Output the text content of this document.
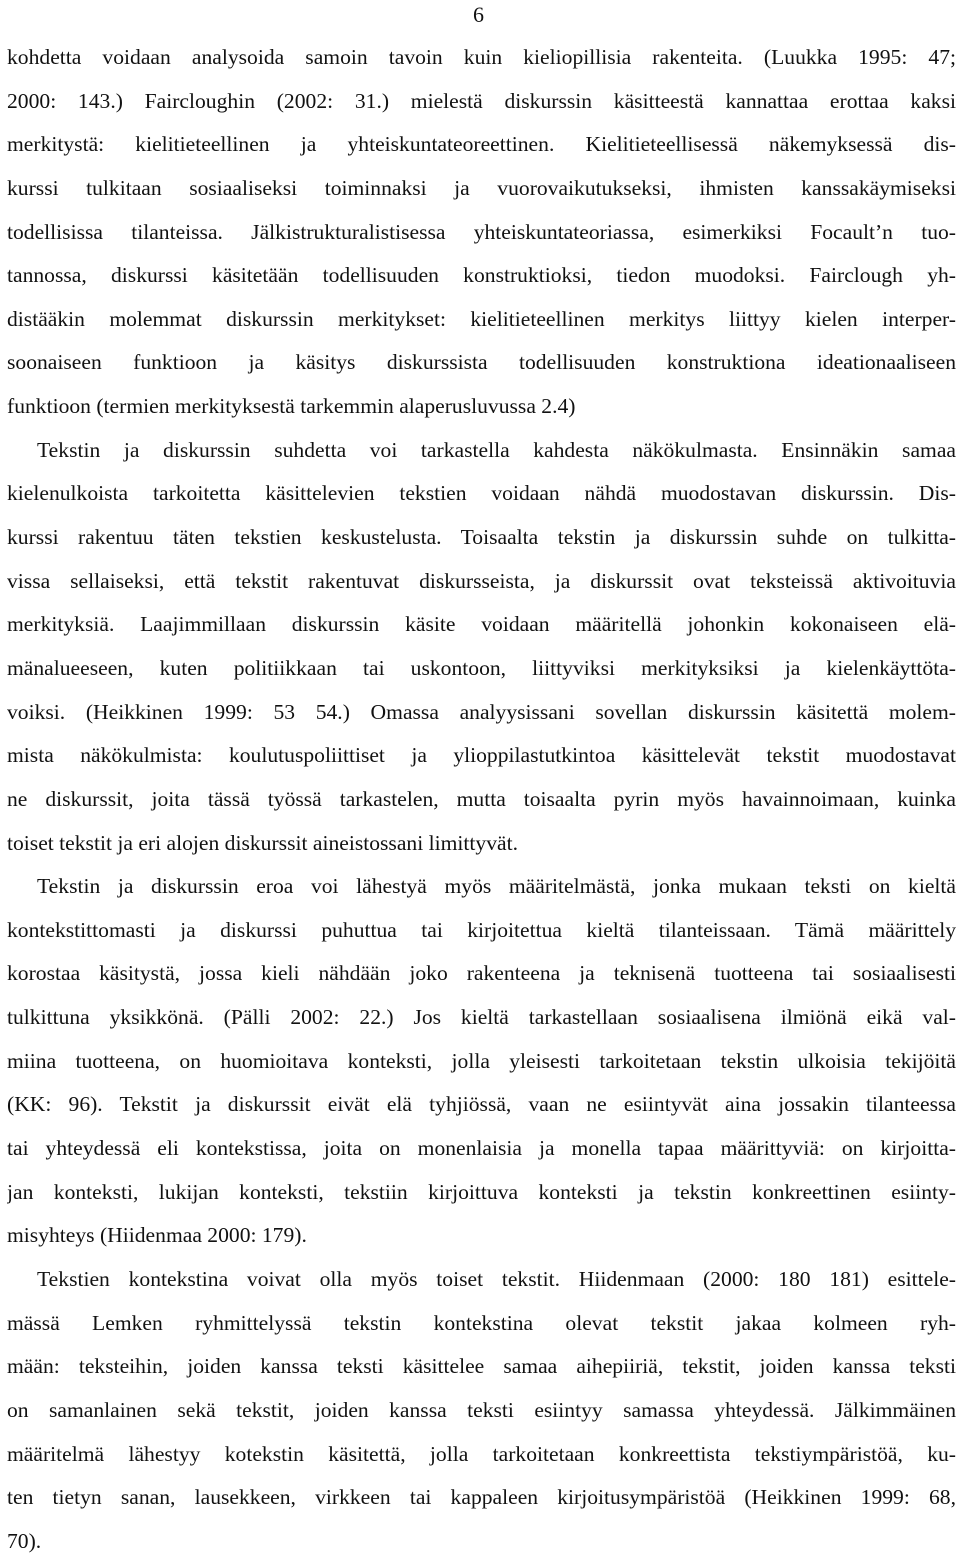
6
kohdetta voidaan analysoida samoin tavoin kuin kieliopillisia rakenteita. (Luukka 1995: 47;
2000: 143.) Faircloughin (2002: 31.) mielestä diskurssin käsitteestä kannattaa erottaa kaksi
merkitystä: kielitieteellinen ja yhteiskuntateoreettinen. Kielitieteellisessä näkemyksessä dis-
kurssi tulkitaan sosiaaliseksi toiminnaksi ja vuorovaikutukseksi, ihmisten kanssakäymiseksi
todellisissa tilanteissa. Jälkistrukturalistisessa yhteiskuntateoriassa, esimerkiksi Focault’n tuo-
tannossa, diskurssi käsitetään todellisuuden konstruktioksi, tiedon muodoksi. Fairclough yh-
distääkin molemmat diskurssin merkitykset: kielitieteellinen merkitys liittyy kielen interper-
soonaiseen funktioon ja käsitys diskurssista todellisuuden konstruktiona ideationaaliseen
funktioon (termien merkityksestä tarkemmin alaperusluvussa 2.4)
Tekstin ja diskurssin suhdetta voi tarkastella kahdesta näkökulmasta. Ensinnäkin samaa
kielenulkoista tarkoitetta käsittelevien tekstien voidaan nähdä muodostavan diskurssin. Dis-
kurssi rakentuu täten tekstien keskustelusta. Toisaalta tekstin ja diskurssin suhde on tulkitta-
vissa sellaiseksi, että tekstit rakentuvat diskursseista, ja diskurssit ovat teksteissä aktivoituvia
merkityksiä. Laajimmillaan diskurssin käsite voidaan määritellä johonkin kokonaiseen elä-
mänalueeseen, kuten politiikkaan tai uskontoon, liittyviksi merkityksiksi ja kielenkäyttöta-
voiksi. (Heikkinen 1999: 53 54.) Omassa analyysissani sovellan diskurssin käsitettä molem-
mista näkökulmista: koulutuspoliittiset ja ylioppilastutkintoa käsittelevät tekstit muodostavat
ne diskurssit, joita tässä työssä tarkastelen, mutta toisaalta pyrin myös havainnoimaan, kuinka
toiset tekstit ja eri alojen diskurssit aineistossani limittyvät.
Tekstin ja diskurssin eroa voi lähestyä myös määritelmästä, jonka mukaan teksti on kieltä
kontekstittomasti ja diskurssi puhuttua tai kirjoitettua kieltä tilanteissaan. Tämä määrittely
korostaa käsitystä, jossa kieli nähdään joko rakenteena ja teknisenä tuotteena tai sosiaalisesti
tulkittuna yksikkönä. (Pälli 2002: 22.) Jos kieltä tarkastellaan sosiaalisena ilmiönä eikä val-
miina tuotteena, on huomioitava konteksti, jolla yleisesti tarkoitetaan tekstin ulkoisia tekijöitä
(KK: 96). Tekstit ja diskurssit eivät elä tyhjiössä, vaan ne esiintyvät aina jossakin tilanteessa
tai yhteydessä eli kontekstissa, joita on monenlaisia ja monella tapaa määrittyviä: on kirjoitta-
jan konteksti, lukijan konteksti, tekstiin kirjoittuva konteksti ja tekstin konkreettinen esiinty-
misyhteys (Hiidenmaa 2000: 179).
Tekstien kontekstina voivat olla myös toiset tekstit. Hiidenmaan (2000: 180 181) esittele-
mässä Lemken ryhmittelyssä tekstin kontekstina olevat tekstit jakaa kolmeen ryh-
mään: teksteihin, joiden kanssa teksti käsittelee samaa aihepiiriä, tekstit, joiden kanssa teksti
on samanlainen sekä tekstit, joiden kanssa teksti esiintyy samassa yhteydessä. Jälkimmäinen
määritelmä lähestyy kotekstin käsitettä, jolla tarkoitetaan konkreettista tekstiympäristöä, ku-
ten tietyn sanan, lausekkeen, virkkeen tai kappaleen kirjoitusympäristöä (Heikkinen 1999: 68,
70).
